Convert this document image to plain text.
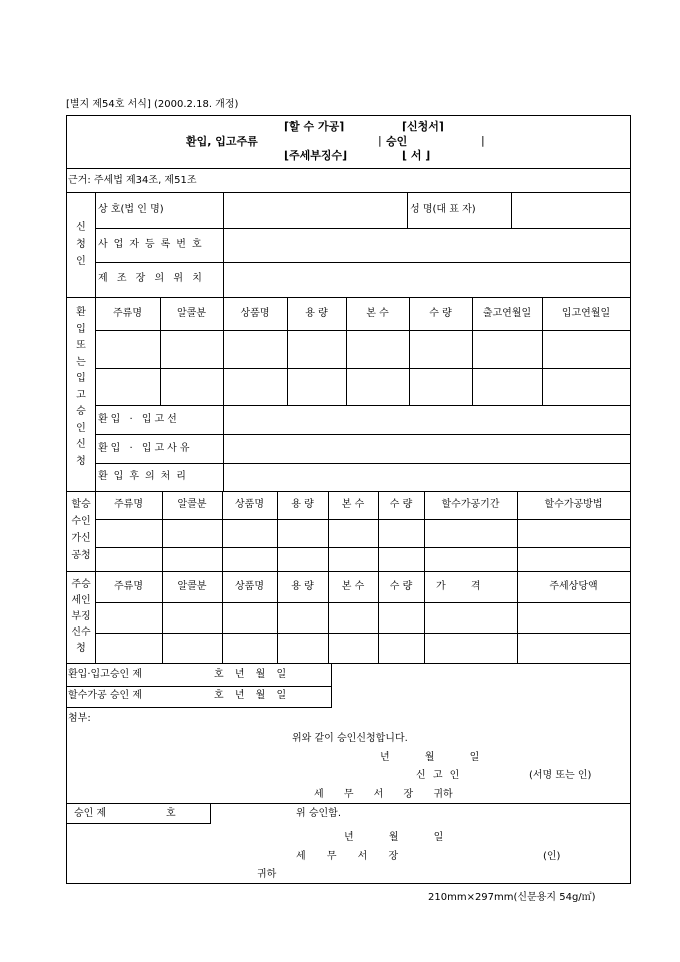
[별지 제54호 서식] (2000.2.18. 개정)
환입, 입고주류
⌈할 수 가공⌉
⌊주세부징수⌋
| 승인
⌈신청서⌉
⌊ 서 ⌋
|
근거: 주세법 제34조, 제51조
신청인
상 호(법 인 명)	성 명(대 표 자)
사업자등록번호
제 조 장 의 위 치
환입또는입고승인신청
주류명	알콜분	상품명	용 량	본 수	수 량	출고연월일	입고연월일
환입 · 입고선
환입 · 입고사유
환입후의처리
할승수인가신공청
주류명	알콜분	상품명	용 량	본 수	수 량	할수가공기간	할수가공방법
주승세인부징신수청
주류명	알콜분	상품명	용 량	본 수	수 량	가 격	주세상당액
환입·입고승인 제	호 년 월 일
할수가공 승인 제	호 년 월 일
첨부:
위와 같이 승인신청합니다.
년 월 일
신 고 인	(서명 또는 인)
세 무 서 장 귀하
승인 제	호	위 승인함.
년 월 일
세 무 서 장	(인)
귀하
210mm×297mm(신문용지 54g/㎡)
